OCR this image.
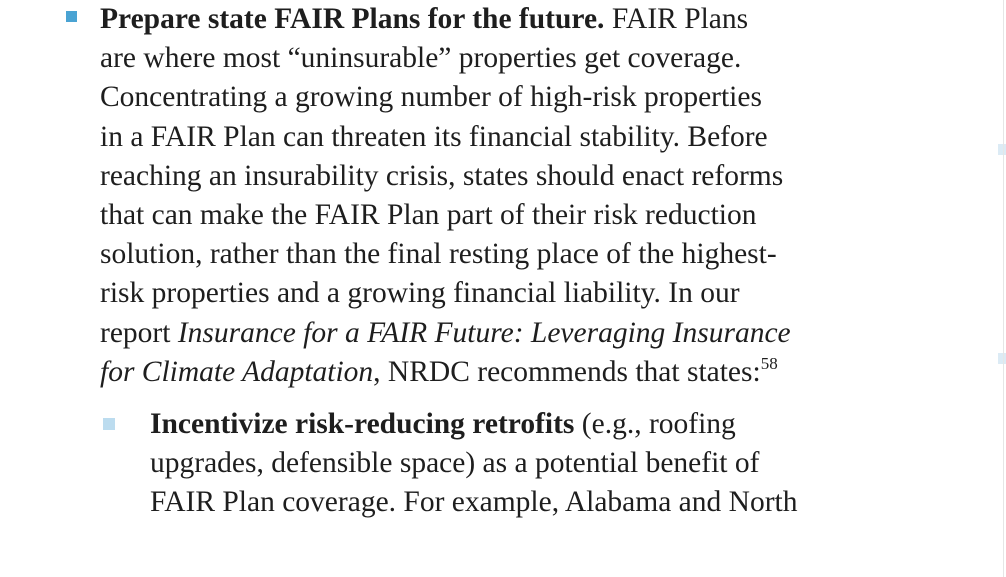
Prepare state FAIR Plans for the future. FAIR Plans
are where most “uninsurable” properties get coverage.
Concentrating a growing number of high-risk properties
in a FAIR Plan can threaten its financial stability. Before
reaching an insurability crisis, states should enact reforms
that can make the FAIR Plan part of their risk reduction
solution, rather than the final resting place of the highest-
risk properties and a growing financial liability. In our
report Insurance for a FAIR Future: Leveraging Insurance
for Climate Adaptation, NRDC recommends that states:$^{58}$
Incentivize risk-reducing retrofits (e.g., roofing
upgrades, defensible space) as a potential benefit of
FAIR Plan coverage. For example, Alabama and North
